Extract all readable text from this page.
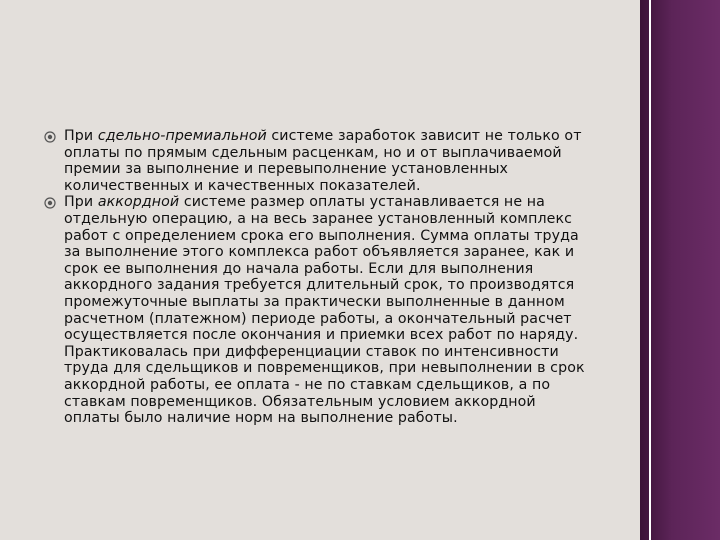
При сдельно-премиальной системе заработок зависит не только от оплаты по прямым сдельным расценкам, но и от выплачиваемой премии за выполнение и перевыполнение установленных количественных и качественных показателей.
При аккордной системе размер оплаты устанавливается не на отдельную операцию, а на весь заранее установленный комплекс работ с определением срока его выполнения. Сумма оплаты труда за выполнение этого комплекса работ объявляется заранее, как и срок ее выполнения до начала работы. Если для выполнения аккордного задания требуется длительный срок, то производятся промежуточные выплаты за практически выполненные в данном расчетном (платежном) периоде работы, а окончательный расчет осуществляется после окончания и приемки всех работ по наряду. Практиковалась при дифференциации ставок по интенсивности труда для сдельщиков и повременщиков, при невыполнении в срок аккордной работы, ее оплата - не по ставкам сдельщиков, а по ставкам повременщиков. Обязательным условием аккордной оплаты было наличие норм на выполнение работы.
